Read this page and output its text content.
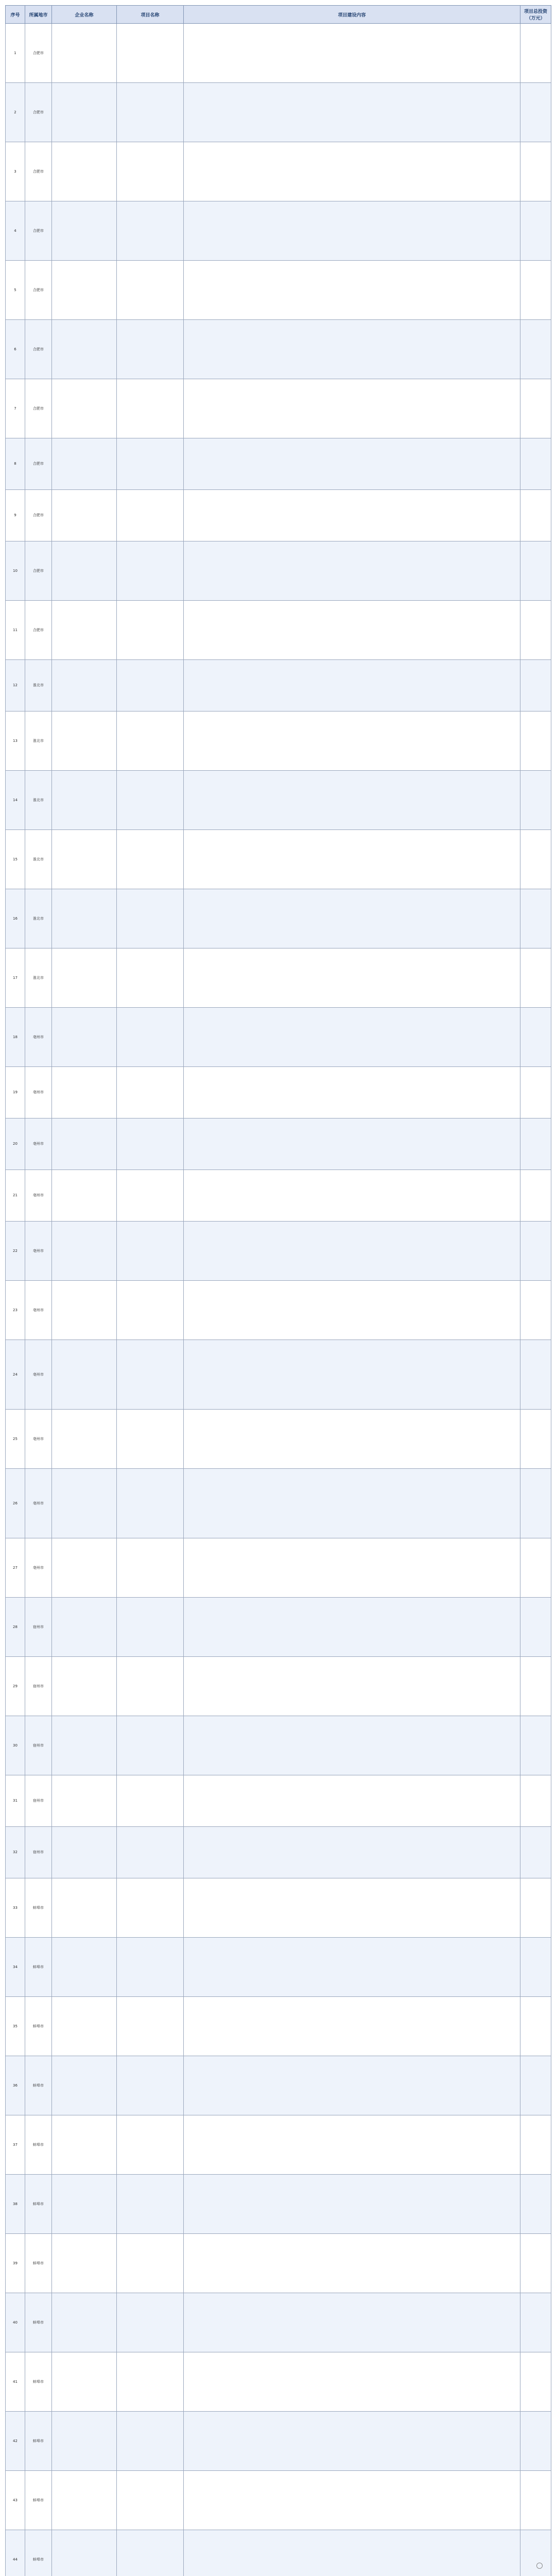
序号	所属地市	企业名称	项目名称	项目建设内容	项目总投资（万元）
1	合肥市				
2	合肥市				
3	合肥市				
4	合肥市				
5	合肥市				
6	合肥市				
7	合肥市				
8	合肥市				
9	合肥市				
10	合肥市				
11	合肥市				
12	淮北市				
13	淮北市				
14	淮北市				
15	淮北市				
16	淮北市				
17	淮北市				
18	亳州市				
19	亳州市				
20	亳州市				
21	亳州市				
22	亳州市				
23	亳州市				
24	亳州市				
25	亳州市				
26	亳州市				
27	亳州市				
28	宿州市				
29	宿州市				
30	宿州市				
31	宿州市				
32	宿州市				
33	蚌埠市				
34	蚌埠市				
35	蚌埠市				
36	蚌埠市				
37	蚌埠市				
38	蚌埠市				
39	蚌埠市				
40	蚌埠市				
41	蚌埠市				
42	蚌埠市				
43	蚌埠市				
44	蚌埠市				
